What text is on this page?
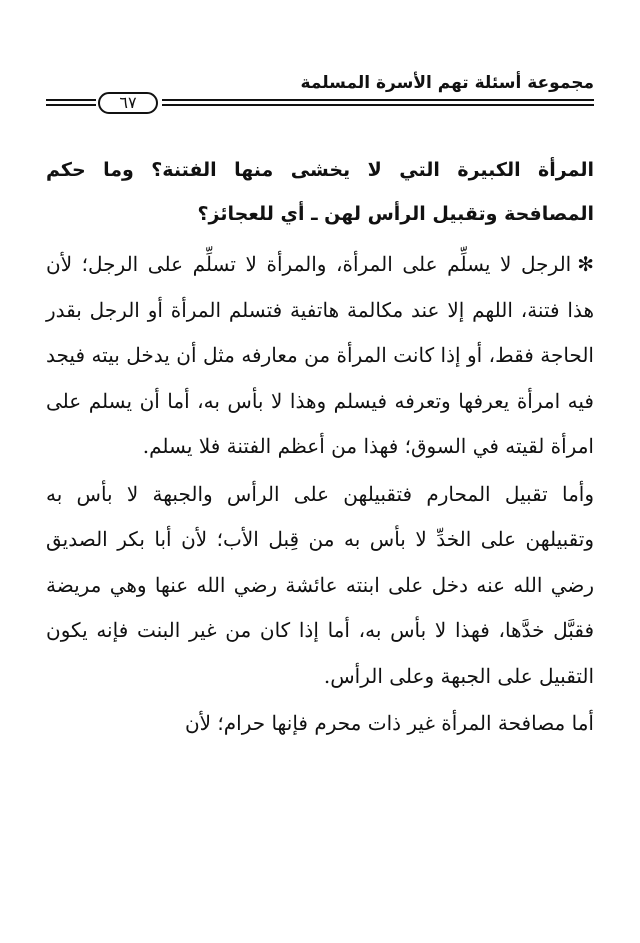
مجموعة أسئلة تهم الأسرة المسلمة
٦٧

المرأة الكبيرة التي لا يخشى منها الفتنة؟ وما حكم المصافحة وتقبيل الرأس لهن ـ أي للعجائز؟

✻الرجل لا يسلِّم على المرأة، والمرأة لا تسلِّم على الرجل؛ لأن هذا فتنة، اللهم إلا عند مكالمة هاتفية فتسلم المرأة أو الرجل بقدر الحاجة فقط، أو إذا كانت المرأة من معارفه مثل أن يدخل بيته فيجد فيه امرأة يعرفها وتعرفه فيسلم وهذا لا بأس به، أما أن يسلم على امرأة لقيته في السوق؛ فهذا من أعظم الفتنة فلا يسلم.

وأما تقبيل المحارم فتقبيلهن على الرأس والجبهة لا بأس به وتقبيلهن على الخدِّ لا بأس به من قِبل الأب؛ لأن أبا بكر الصديق رضي الله عنه دخل على ابنته عائشة رضي الله عنها وهي مريضة فقبَّل خدَّها، فهذا لا بأس به، أما إذا كان من غير البنت فإنه يكون التقبيل على الجبهة وعلى الرأس.

أما مصافحة المرأة غير ذات محرم فإنها حرام؛ لأن
